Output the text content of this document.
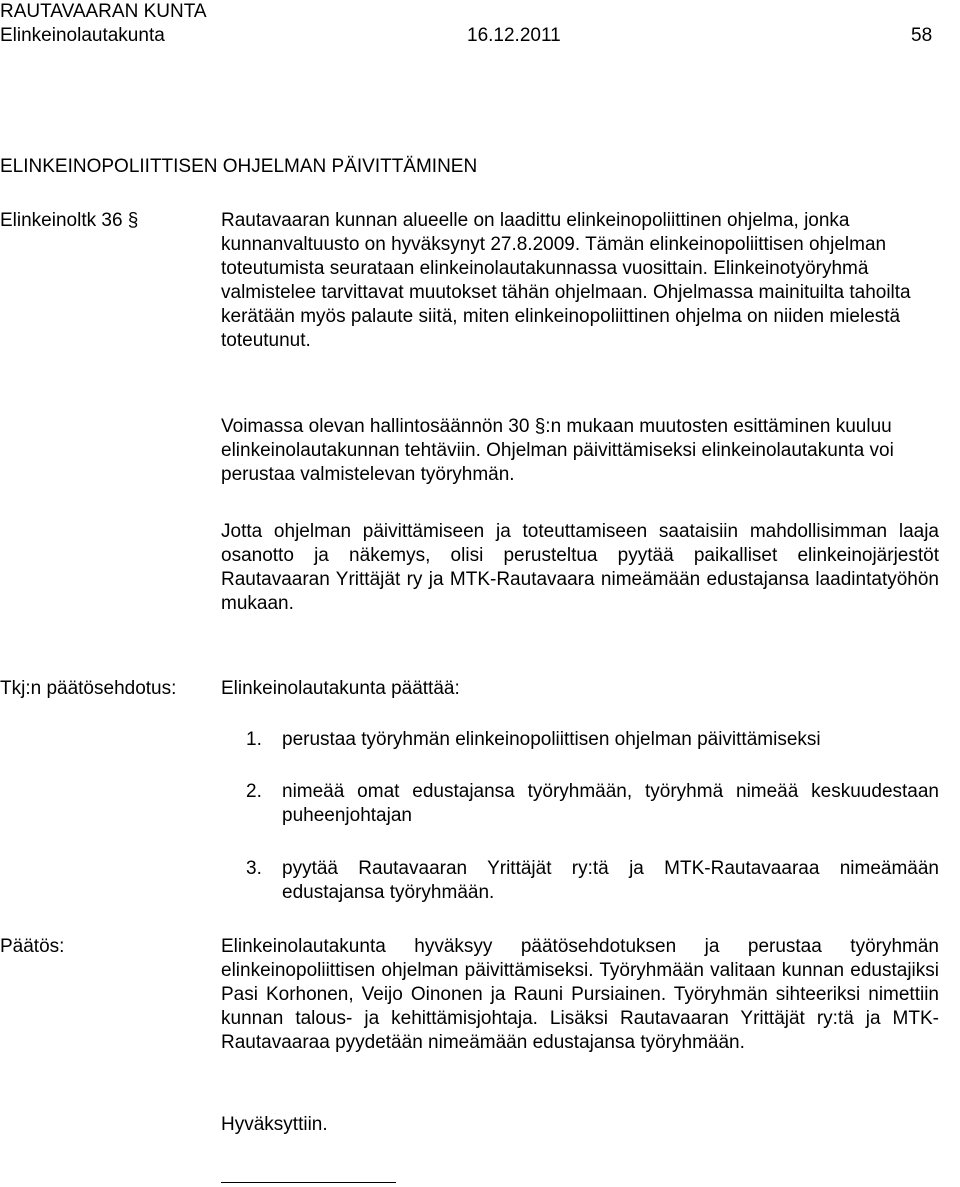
RAUTAVAARAN KUNTA
Elinkeinolautakunta	16.12.2011	58
ELINKEINOPOLIITTISEN OHJELMAN PÄIVITTÄMINEN
Elinkeinoltk 36 §	Rautavaaran kunnan alueelle on laadittu elinkeinopoliittinen ohjelma, jonka kunnanvaltuusto on hyväksynyt 27.8.2009. Tämän elinkeinopoliittisen ohjelman toteutumista seurataan elinkeinolautakunnassa vuosittain. Elinkeinotyöryhmä valmistelee tarvittavat muutokset tähän ohjelmaan. Ohjelmassa mainituilta tahoilta kerätään myös palaute siitä, miten elinkeinopoliittinen ohjelma on niiden mielestä toteutunut.

Voimassa olevan hallintosäännön 30 §:n mukaan muutosten esittäminen kuuluu elinkeinolautakunnan tehtäviin. Ohjelman päivittämiseksi elinkeinolautakunta voi perustaa valmistelevan työryhmän.

Jotta ohjelman päivittämiseen ja toteuttamiseen saataisiin mahdollisimman laaja osanotto ja näkemys, olisi perusteltua pyytää paikalliset elinkeinojärjestöt Rautavaaran Yrittäjät ry ja MTK-Rautavaara nimeämään edustajansa laadintatyöhön mukaan.

Tkj:n päätösehdotus: Elinkeinolautakunta päättää:
1.	perustaa työryhmän elinkeinopoliittisen ohjelman päivittämiseksi
2.	nimeää omat edustajansa työryhmään, työryhmä nimeää keskuudestaan puheenjohtajan
3.	pyytää Rautavaaran Yrittäjät ry:tä ja MTK-Rautavaaraa nimeämään edustajansa työryhmään.
Päätös:	Elinkeinolautakunta hyväksyy päätösehdotuksen ja perustaa työryhmän elinkeinopoliittisen ohjelman päivittämiseksi. Työryhmään valitaan kunnan edustajiksi Pasi Korhonen, Veijo Oinonen ja Rauni Pursiainen. Työryhmän sihteeriksi nimettiin kunnan talous- ja kehittämisjohtaja. Lisäksi Rautavaaran Yrittäjät ry:tä ja MTK-Rautavaaraa pyydetään nimeämään edustajansa työryhmään.

Hyväksyttiin.
